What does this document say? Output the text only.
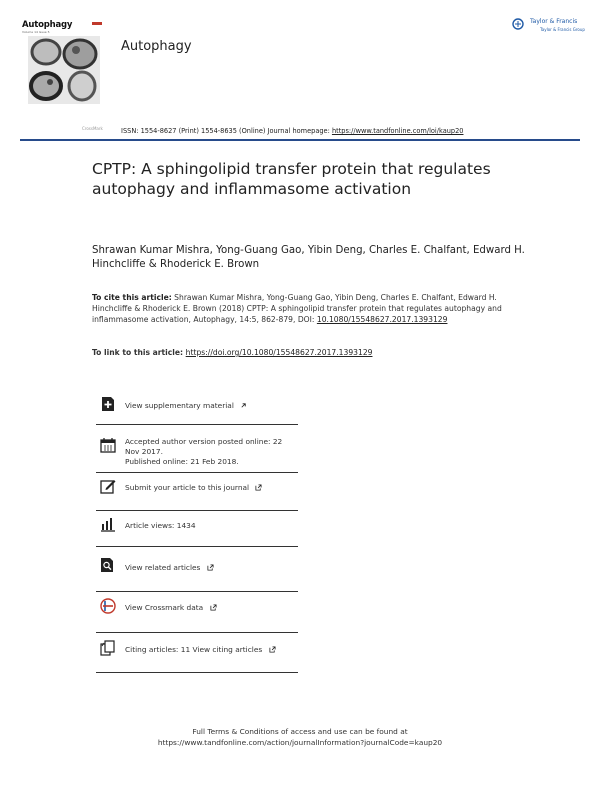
Autophagy
Volume 14 Issue 5
Autophagy
Taylor & Francis
Taylor & Francis Group
CrossMark	ISSN: 1554-8627 (Print) 1554-8635 (Online) Journal homepage: https://www.tandfonline.com/loi/kaup20
CPTP: A sphingolipid transfer protein that regulates autophagy and inflammasome activation
Shrawan Kumar Mishra, Yong-Guang Gao, Yibin Deng, Charles E. Chalfant, Edward H. Hinchcliffe & Rhoderick E. Brown
To cite this article: Shrawan Kumar Mishra, Yong-Guang Gao, Yibin Deng, Charles E. Chalfant, Edward H. Hinchcliffe & Rhoderick E. Brown (2018) CPTP: A sphingolipid transfer protein that regulates autophagy and inflammasome activation, Autophagy, 14:5, 862-879, DOI: 10.1080/15548627.2017.1393129
To link to this article: https://doi.org/10.1080/15548627.2017.1393129
View supplementary material
Accepted author version posted online: 22
Nov 2017.
Published online: 21 Feb 2018.
Submit your article to this journal
Article views: 1434
View related articles
View Crossmark data
Citing articles: 11 View citing articles
Full Terms & Conditions of access and use can be found at
https://www.tandfonline.com/action/journalInformation?journalCode=kaup20
